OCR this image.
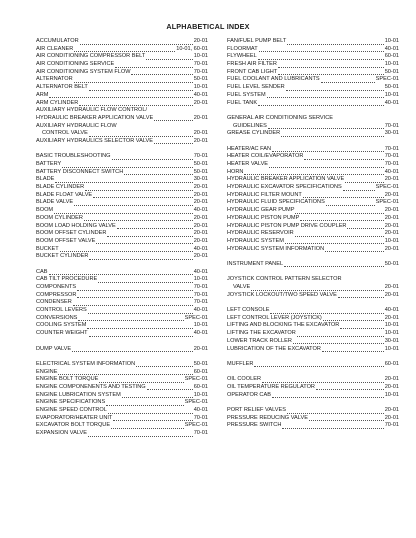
ALPHABETICAL INDEX
ACCUMULATOR	20-01
AIR CLEANER	10-01, 60-01
AIR CONDITIONING COMPRESSOR BELT	10-01
AIR CONDITIONING SERVICE	70-01
AIR CONDITIONING SYSTEM FLOW	70-01
ALTERNATOR	50-01
ALTERNATOR BELT	10-01
ARM	40-01
ARM CYLINDER	20-01
AUXILIARY HYDRAULIC FLOW CONTROL/
HYDRAULIC BREAKER APPLICATION VALVE	20-01
AUXILIARY HYDRAULIC FLOW
CONTROL VALVE	20-01
AUXILIARY HYDRAULICS SELECTOR VALVE	20-01
BASIC TROUBLESHOOTING	70-01
BATTERY	50-01
BATTERY DISCONNECT SWITCH	50-01
BLADE	30-01
BLADE CYLINDER	20-01
BLADE FLOAT VALVE	20-01
BLADE VALVE	20-01
BOOM	40-01
BOOM CYLINDER	20-01
BOOM LOAD HOLDING VALVE	20-01
BOOM OFFSET CYLINDER	20-01
BOOM OFFSET VALVE	20-01
BUCKET	40-01
BUCKET CYLINDER	20-01
CAB	40-01
CAB TILT PROCEDURE	10-01
COMPONENTS	70-01
COMPRESSOR	70-01
CONDENSER	70-01
CONTROL LEVERS	40-01
CONVERSIONS	SPEC-01
COOLING SYSTEM	10-01
COUNTER WEIGHT	40-01
DUMP VALVE	20-01
ELECTRICAL SYSTEM INFORMATION	50-01
ENGINE	60-01
ENGINE BOLT TORQUE	SPEC-01
ENGINE COMPONENENTS AND TESTING	60-01
ENGINE LUBRICATION SYSTEM	10-01
ENGINE SPECIFICATIONS	SPEC-01
ENGINE SPEED CONTROL	40-01
EVAPORATOR/HEATER UNIT	70-01
EXCAVATOR BOLT TORQUE	SPEC-01
EXPANSION VALVE	70-01
FAN/FUEL PUMP BELT	10-01
FLOORMAT	40-01
FLYWHEEL	60-01
FRESH AIR FILTER	10-01
FRONT CAB LIGHT	50-01
FUEL COOLANT AND LUBRICANTS	SPEC-01
FUEL LEVEL SENDER	50-01
FUEL SYSTEM	10-01
FUEL TANK	40-01
GENERAL AIR CONDITIONING SERVICE
GUIDELINES	70-01
GREASE CYLINDER	30-01
HEATER/AC FAN	70-01
HEATER COIL/EVAPORATOR	70-01
HEATER VALVE	70-01
HORN	40-01
HYDRAULIC BREAKER APPLICATION VALVE	20-01
HYDRAULIC EXCAVATOR SPECIFICATIONS	SPEC-01
HYDRAULIC FILTER MOUNT	20-01
HYDRAULIC FLUID SPECIFICATIONS	SPEC-01
HYDRAULIC GEAR PUMP	20-01
HYDRAULIC PISTON PUMP	20-01
HYDRAULIC PISTON PUMP DRIVE COUPLER	20-01
HYDRAULIC RESERVOIR	20-01
HYDRAULIC SYSTEM	10-01
HYDRAULIC SYSTEM INFORMATION	20-01
INSTRUMENT PANEL	50-01
JOYSTICK CONTROL PATTERN SELECTOR
VALVE	20-01
JOYSTICK LOCKOUT/TWO SPEED VALVE	20-01
LEFT CONSOLE	40-01
LEFT CONTROL LEVER (JOYSTICK)	20-01
LIFTING AND BLOCKING THE EXCAVATOR	10-01
LIFTING THE EXCAVATOR	10-01
LOWER TRACK ROLLER	30-01
LUBRICATION OF THE EXCAVATOR	10-01
MUFFLER	60-01
OIL COOLER	20-01
OIL TEMPERATURE REGULATOR	20-01
OPERATOR CAB	10-01
PORT RELIEF VALVES	20-01
PRESSURE REDUCING VALVE	20-01
PRESSURE SWITCH	70-01
